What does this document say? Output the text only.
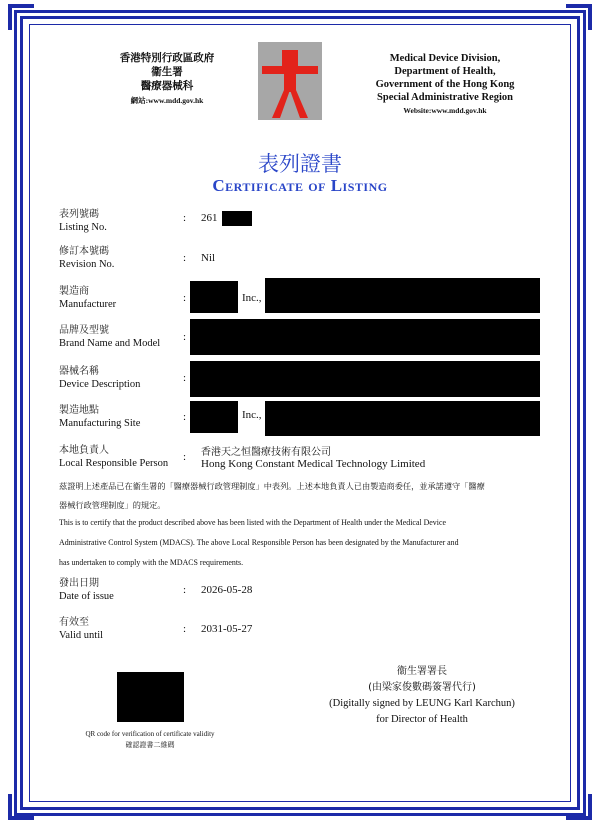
香港特別行政區政府
衞生署
醫療器械科
網站:www.mdd.gov.hk
Medical Device Division,
Department of Health,
Government of the Hong Kong
Special Administrative Region
Website:www.mdd.gov.hk
表列證書
Certificate of Listing
表列號碼
Listing No.
: 261
修訂本號碼
Revision No.
: Nil
製造商
Manufacturer
:	Inc.,
品牌及型號
Brand Name and Model
:
器械名稱
Device Description
:
製造地點
Manufacturing Site
:	Inc.,
本地負責人
Local Responsible Person
: 香港天之恒醫療技術有限公司
Hong Kong Constant Medical Technology Limited
茲證明上述產品已在衞生署的「醫療器械行政管理制度」中表列。上述本地負責人已由製造商委任，並承諾遵守「醫療
器械行政管理制度」的規定。
This is to certify that the product described above has been listed with the Department of Health under the Medical Device
Administrative Control System (MDACS). The above Local Responsible Person has been designated by the Manufacturer and
has undertaken to comply with the MDACS requirements.
發出日期
Date of issue
: 2026-05-28
有效至
Valid until
: 2031-05-27
QR code for verification of certificate validity
確認證書二維碼
衞生署署長
(由梁家俊數碼簽署代行)
(Digitally signed by LEUNG Karl Karchun)
for Director of Health
